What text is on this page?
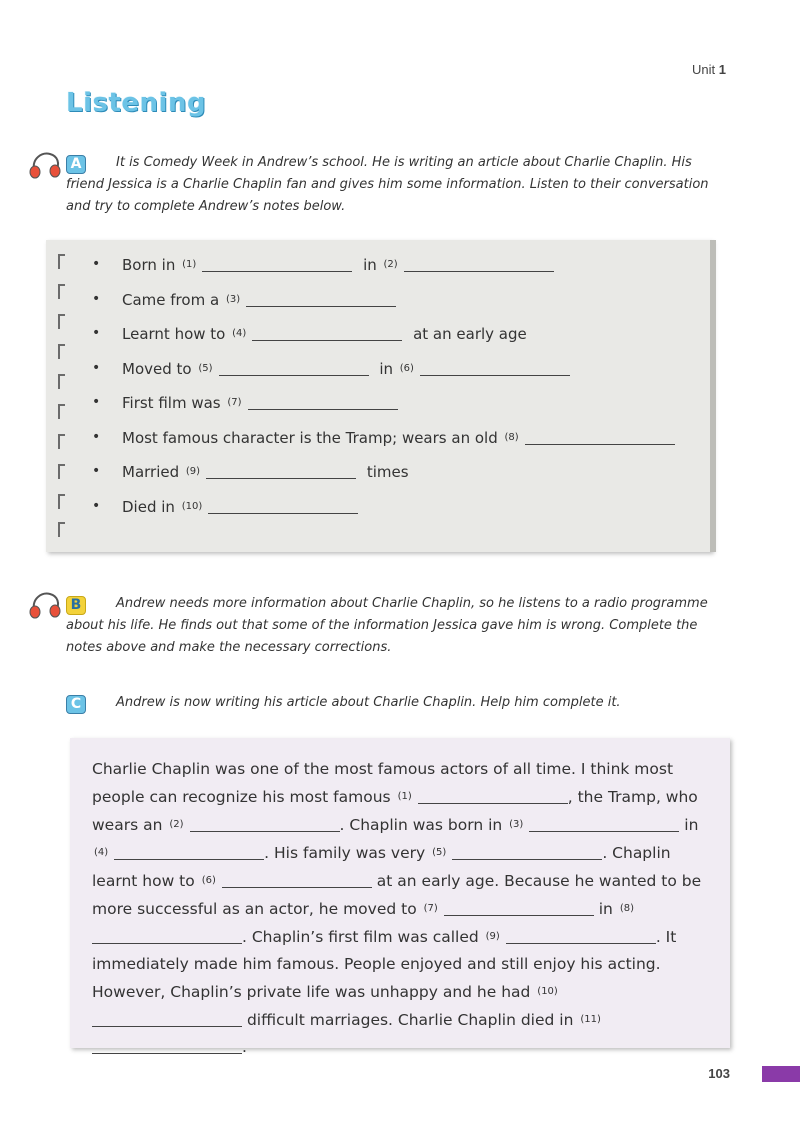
Unit 1
Listening
A	It is Comedy Week in Andrew’s school. He is writing an article about Charlie Chaplin. His friend Jessica is a Charlie Chaplin fan and gives him some information. Listen to their conversation and try to complete Andrew’s notes below.
• Born in $^{(1)}$	in $^{(2)}$
• Came from a $^{(3)}$
• Learnt how to $^{(4)}$	at an early age
• Moved to $^{(5)}$	in $^{(6)}$
• First film was $^{(7)}$
• Most famous character is the Tramp; wears an old $^{(8)}$
• Married $^{(9)}$	times
• Died in $^{(10)}$
B	Andrew needs more information about Charlie Chaplin, so he listens to a radio programme about his life. He finds out that some of the information Jessica gave him is wrong. Complete the notes above and make the necessary corrections.
C	Andrew is now writing his article about Charlie Chaplin. Help him complete it.
Charlie Chaplin was one of the most famous actors of all time. I think most people can recognize his most famous (1)	, the Tramp, who wears an (2)	. Chaplin was born in (3)	in (4)	. His family was very (5)	. Chaplin learnt how to (6)	at an early age. Because he wanted to be more successful as an actor, he moved to (7)	in (8). Chaplin’s first film was called (9)	. It immediately made him famous. People enjoyed and still enjoy his acting. However, Chaplin’s private life was unhappy and he had (10) difficult marriages. Charlie Chaplin died in (11).
103
